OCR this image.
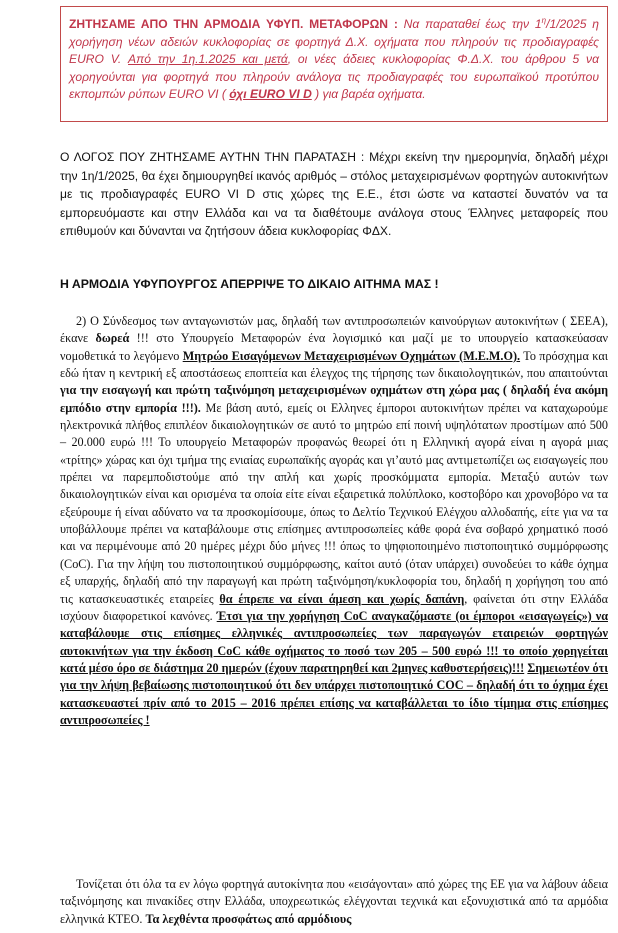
ΖΗΤΗΣΑΜΕ ΑΠΟ ΤΗΝ ΑΡΜΟΔΙΑ ΥΦΥΠ. ΜΕΤΑΦΟΡΩΝ : Να παραταθεί έως την $1^\eta/1/2025$ η χορήγηση νέων αδειών κυκλοφορίας σε φορτηγά Δ.Χ. οχήματα που πληρούν τις προδιαγραφές EURO V. Από την 1η.1.2025 και μετά, οι νέες άδειες κυκλοφορίας Φ.Δ.Χ. του άρθρου 5 να χορηγούνται για φορτηγά που πληρούν ανάλογα τις προδιαγραφές του ευρωπαϊκού προτύπου εκπομπών ρύπων EURO VI ( όχι EURO VI D ) για βαρέα οχήματα.
Ο ΛΟΓΟΣ ΠΟΥ ΖΗΤΗΣΑΜΕ ΑΥΤΗΝ ΤΗΝ ΠΑΡΑΤΑΣΗ : Μέχρι εκείνη την ημερομηνία, δηλαδή μέχρι την 1η/1/2025, θα έχει δημιουργηθεί ικανός αριθμός – στόλος μεταχειρισμένων φορτηγών αυτοκινήτων με τις προδιαγραφές EURO VI D στις χώρες της Ε.Ε., έτσι ώστε να καταστεί δυνατόν να τα εμπορευόμαστε και στην Ελλάδα και να τα διαθέτουμε ανάλογα στους Έλληνες μεταφορείς που επιθυμούν και δύνανται να ζητήσουν άδεια κυκλοφορίας ΦΔΧ.
Η ΑΡΜΟΔΙΑ ΥΦΥΠΟΥΡΓΟΣ ΑΠΕΡΡΙΨΕ ΤΟ ΔΙΚΑΙΟ ΑΙΤΗΜΑ ΜΑΣ !
2) Ο Σύνδεσμος των ανταγωνιστών μας, δηλαδή των αντιπροσωπειών καινούργιων αυτοκινήτων ( ΣΕΕΑ), έκανε δωρεά !!! στο Υπουργείο Μεταφορών ένα λογισμικό και μαζί με το υπουργείο κατασκεύασαν νομοθετικά το λεγόμενο Μητρώο Εισαγόμενων Μεταχειρισμένων Οχημάτων (Μ.Ε.Μ.Ο). Το πρόσχημα και εδώ ήταν η κεντρική εξ αποστάσεως εποπτεία και έλεγχος της τήρησης των δικαιολογητικών, που απαιτούνται για την εισαγωγή και πρώτη ταξινόμηση μεταχειρισμένων οχημάτων στη χώρα μας ( δηλαδή ένα ακόμη εμπόδιο στην εμπορία !!!). Με βάση αυτό, εμείς οι Ελληνες έμποροι αυτοκινήτων πρέπει να καταχωρούμε ηλεκτρονικά πλήθος επιπλέον δικαιολογητικών σε αυτό το μητρώο επί ποινή υψηλότατων προστίμων από 500 – 20.000 ευρώ !!! Το υπουργείο Μεταφορών προφανώς θεωρεί ότι η Ελληνική αγορά είναι η αγορά μιας «τρίτης» χώρας και όχι τμήμα της ενιαίας ευρωπαϊκής αγοράς και γι’αυτό μας αντιμετωπίζει ως εισαγωγείς που πρέπει να παρεμποδιστούμε από την απλή και χωρίς προσκόμματα εμπορία. Μεταξύ αυτών των δικαιολογητικών είναι και ορισμένα τα οποία είτε είναι εξαιρετικά πολύπλοκο, κοστοβόρο και χρονοβόρο να τα εξεύρουμε ή είναι αδύνατο να τα προσκομίσουμε, όπως το Δελτίο Τεχνικού Ελέγχου αλλοδαπής, είτε για να τα υποβάλλουμε πρέπει να καταβάλουμε στις επίσημες αντιπροσωπείες κάθε φορά ένα σοβαρό χρηματικό ποσό και να περιμένουμε από 20 ημέρες μέχρι δύο μήνες !!! όπως το ψηφιοποιημένο πιστοποιητικό συμμόρφωσης (CoC). Για την λήψη του πιστοποιητικού συμμόρφωσης, καίτοι αυτό (όταν υπάρχει) συνοδεύει το κάθε όχημα εξ υπαρχής, δηλαδή από την παραγωγή και πρώτη ταξινόμηση/κυκλοφορία του, δηλαδή η χορήγηση του από τις κατασκευαστικές εταιρείες θα έπρεπε να είναι άμεση και χωρίς δαπάνη, φαίνεται ότι στην Ελλάδα ισχύουν διαφορετικοί κανόνες. Έτσι για την χορήγηση CoC αναγκαζόμαστε (οι έμποροι «εισαγωγείς») να καταβάλουμε στις επίσημες ελληνικές αντιπροσωπείες των παραγωγών εταιρειών φορτηγών αυτοκινήτων για την έκδοση CoC κάθε οχήματος το ποσό των 205 – 500 ευρώ !!! το οποίο χορηγείται κατά μέσο όρο σε διάστημα 20 ημερών (έχουν παρατηρηθεί και 2μηνες καθυστερήσεις)!!! Σημειωτέον ότι για την λήψη βεβαίωσης πιστοποιητικού ότι δεν υπάρχει πιστοποιητικό COC – δηλαδή ότι το όχημα έχει κατασκευαστεί πρίν από το 2015 – 2016 πρέπει επίσης να καταβάλλεται το ίδιο τίμημα στις επίσημες αντιπροσωπείες !
Τονίζεται ότι όλα τα εν λόγω φορτηγά αυτοκίνητα που «εισάγονται» από χώρες της ΕΕ για να λάβουν άδεια ταξινόμησης και πινακίδες στην Ελλάδα, υποχρεωτικώς ελέγχονται τεχνικά και εξονυχιστικά από τα αρμόδια ελληνικά ΚΤΕΟ. Τα λεχθέντα προσφάτως από αρμόδιους
